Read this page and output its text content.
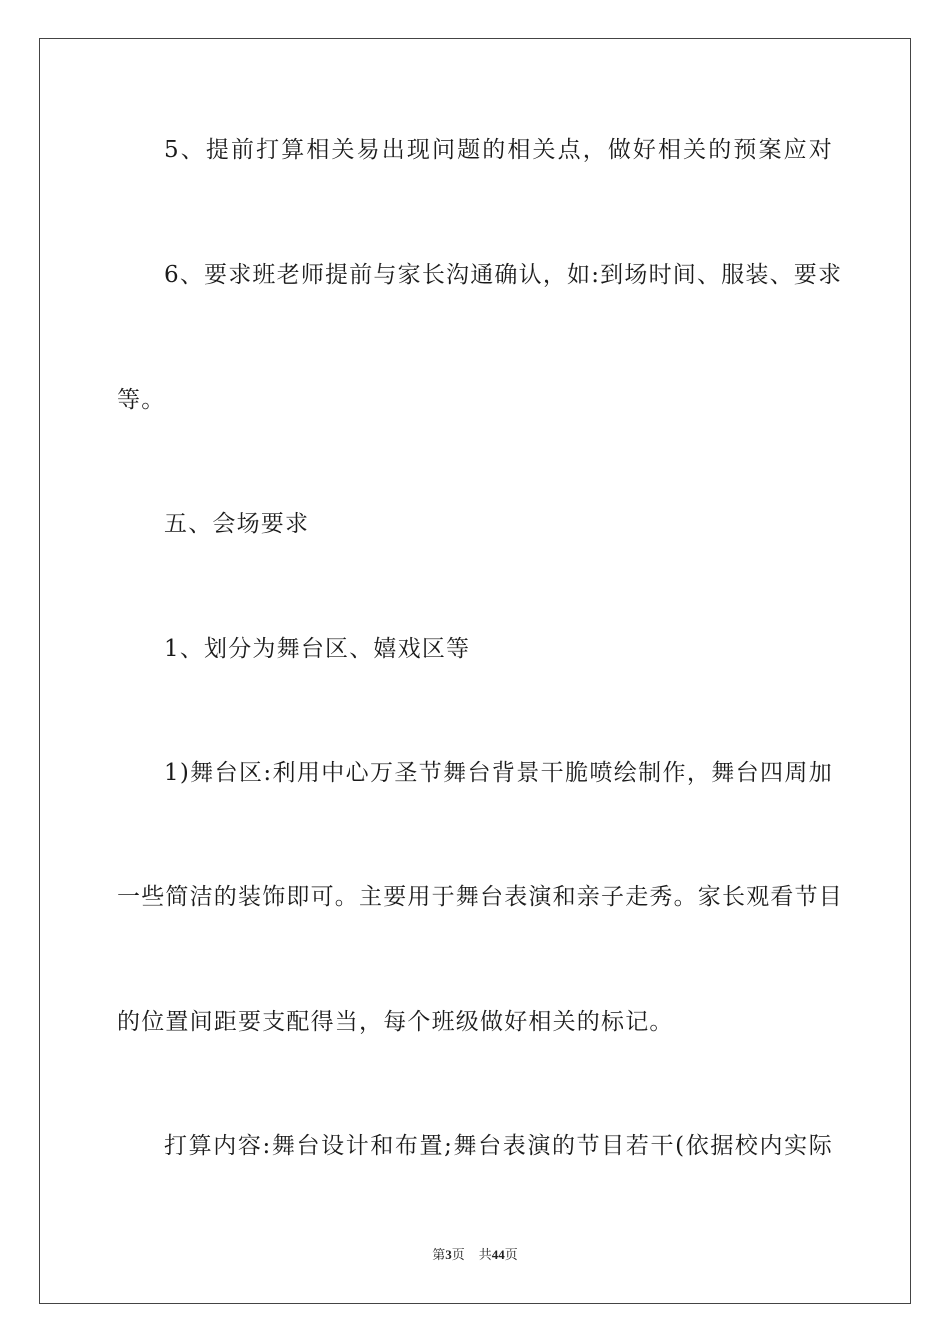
5、提前打算相关易出现问题的相关点，做好相关的预案应对
6、要求班老师提前与家长沟通确认，如:到场时间、服装、要求
等。
五、会场要求
1、划分为舞台区、嬉戏区等
1)舞台区:利用中心万圣节舞台背景干脆喷绘制作，舞台四周加
一些简洁的装饰即可。主要用于舞台表演和亲子走秀。家长观看节目
的位置间距要支配得当，每个班级做好相关的标记。
打算内容:舞台设计和布置;舞台表演的节目若干(依据校内实际
第3页 共44页
